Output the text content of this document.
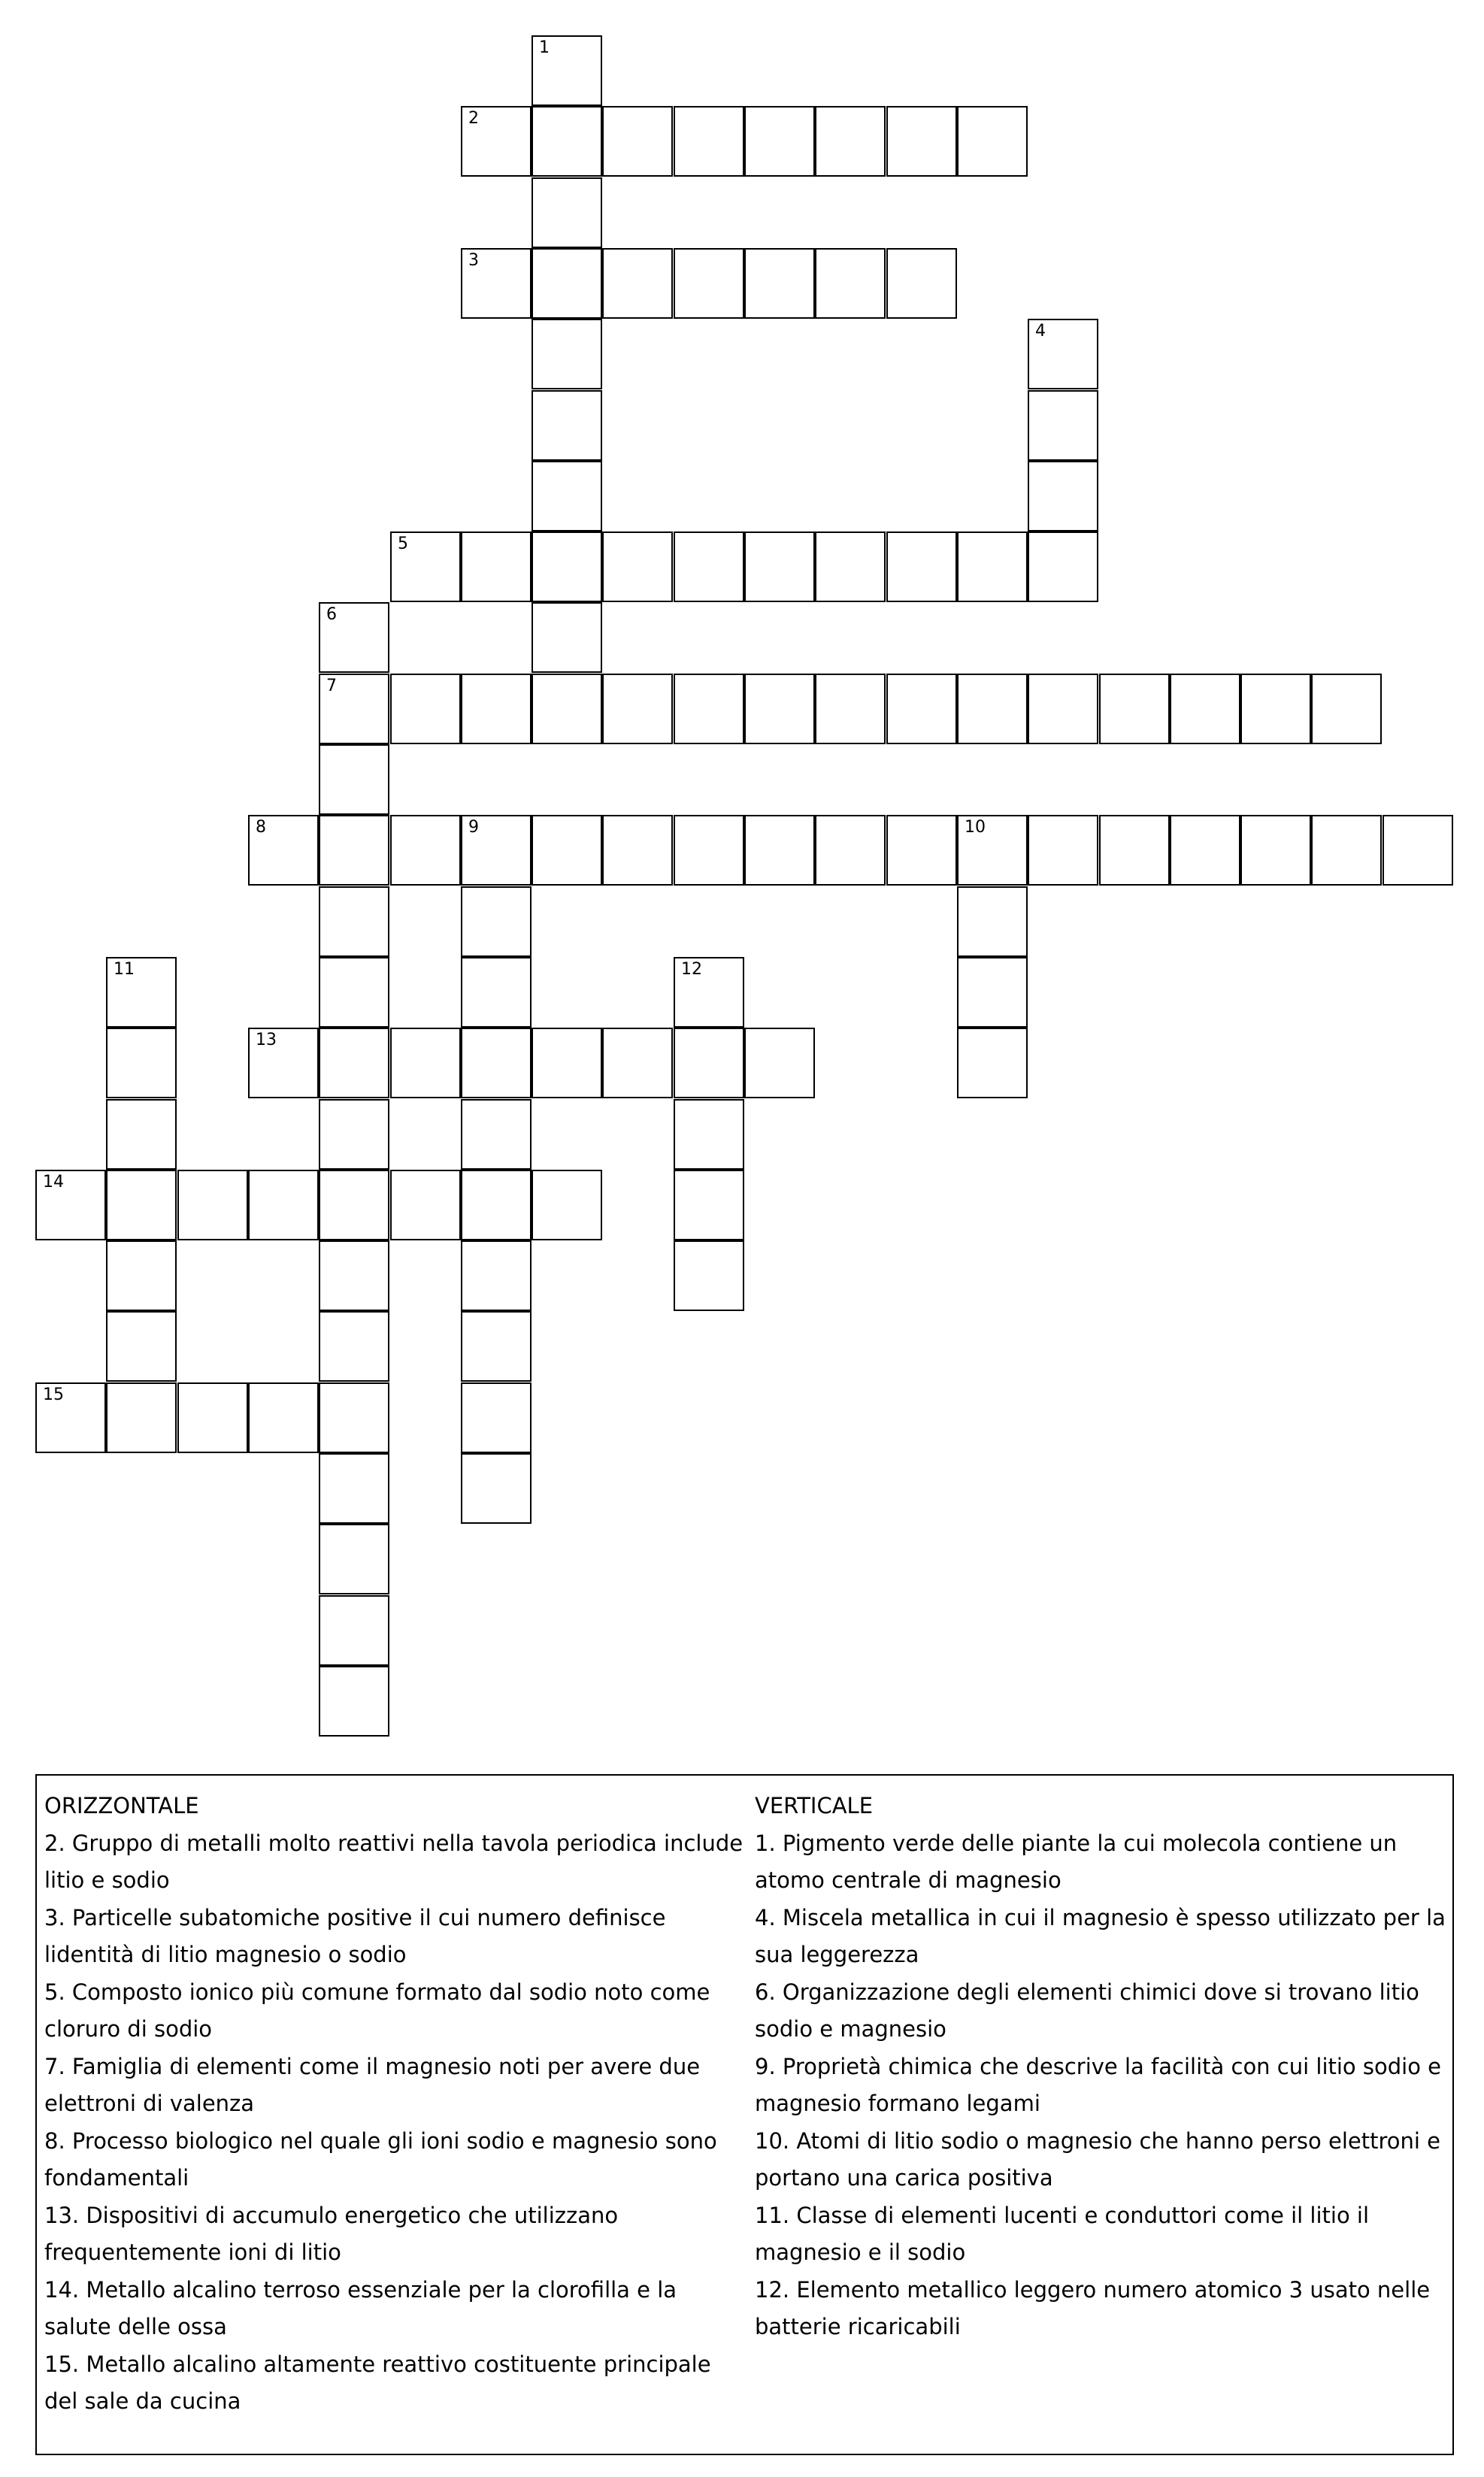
1
2
3
4
5
6
7
8	9	10
11	12
13
14
15
ORIZZONTALE
2. Gruppo di metalli molto reattivi nella tavola periodica include litio e sodio
3. Particelle subatomiche positive il cui numero definisce lidentità di litio magnesio o sodio
5. Composto ionico più comune formato dal sodio noto come cloruro di sodio
7. Famiglia di elementi come il magnesio noti per avere due elettroni di valenza
8. Processo biologico nel quale gli ioni sodio e magnesio sono fondamentali
13. Dispositivi di accumulo energetico che utilizzano frequentemente ioni di litio
14. Metallo alcalino terroso essenziale per la clorofilla e la salute delle ossa
15. Metallo alcalino altamente reattivo costituente principale del sale da cucina
VERTICALE
1. Pigmento verde delle piante la cui molecola contiene un atomo centrale di magnesio
4. Miscela metallica in cui il magnesio è spesso utilizzato per la sua leggerezza
6. Organizzazione degli elementi chimici dove si trovano litio sodio e magnesio
9. Proprietà chimica che descrive la facilità con cui litio sodio e magnesio formano legami
10. Atomi di litio sodio o magnesio che hanno perso elettroni e portano una carica positiva
11. Classe di elementi lucenti e conduttori come il litio il magnesio e il sodio
12. Elemento metallico leggero numero atomico 3 usato nelle batterie ricaricabili
